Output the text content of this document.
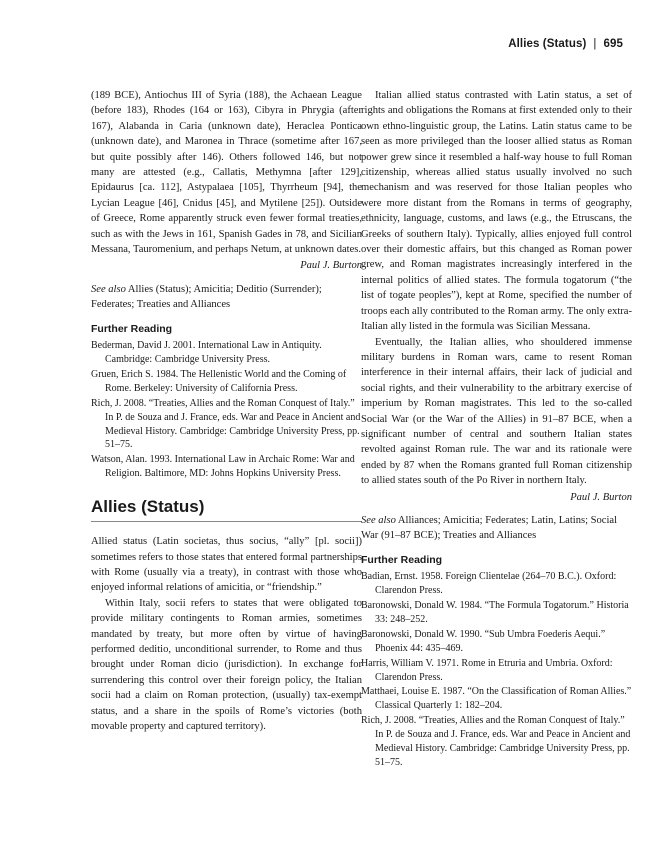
Allies (Status) | 695

(189 BCE), Antiochus III of Syria (188), the Achaean League (before 183), Rhodes (164 or 163), Cibyra in Phrygia (after 167), Alabanda in Caria (unknown date), Heraclea Pontica (unknown date), and Maronea in Thrace (sometime after 167, but quite possibly after 146). Others followed 146, but not many are attested (e.g., Callatis, Methymna [after 129], Epidaurus [ca. 112], Astypalaea [105], Thyrrheum [94], the Lycian League [46], Cnidus [45], and Mytilene [25]). Outside of Greece, Rome apparently struck even fewer formal treaties, such as with the Jews in 161, Spanish Gades in 78, and Sicilian Messana, Tauromenium, and perhaps Netum, at unknown dates.

Paul J. Burton

See also Allies (Status); Amicitia; Deditio (Surrender); Federates; Treaties and Alliances

Further Reading
Bederman, David J. 2001. International Law in Antiquity. Cambridge: Cambridge University Press.
Gruen, Erich S. 1984. The Hellenistic World and the Coming of Rome. Berkeley: University of California Press.
Rich, J. 2008. “Treaties, Allies and the Roman Conquest of Italy.” In P. de Souza and J. France, eds. War and Peace in Ancient and Medieval History. Cambridge: Cambridge University Press, pp. 51–75.
Watson, Alan. 1993. International Law in Archaic Rome: War and Religion. Baltimore, MD: Johns Hopkins University Press.
Allies (Status)

Allied status (Latin societas, thus socius, “ally” [pl. socii]) sometimes refers to those states that entered formal partnerships with Rome (usually via a treaty), in contrast with those who enjoyed informal relations of amicitia, or “friendship.”

Within Italy, socii refers to states that were obligated to provide military contingents to Roman armies, sometimes mandated by treaty, but more often by virtue of having performed deditio, unconditional surrender, to Rome and thus brought under Roman dicio (jurisdiction). In exchange for surrendering this control over their foreign policy, the Italian socii had a claim on Roman protection, (usually) tax-exempt status, and a share in the spoils of Rome’s victories (both movable property and captured territory).

Italian allied status contrasted with Latin status, a set of rights and obligations the Romans at first extended only to their own ethno-linguistic group, the Latins. Latin status came to be seen as more privileged than the looser allied status as Roman power grew since it resembled a half-way house to full Roman citizenship, whereas allied status usually involved no such mechanism and was reserved for those Italian peoples who were more distant from the Romans in terms of geography, ethnicity, language, customs, and laws (e.g., the Etruscans, the Greeks of southern Italy). Typically, allies enjoyed full control over their domestic affairs, but this changed as Roman power grew, and Roman magistrates increasingly interfered in the internal politics of allied states. The formula togatorum (“the list of togate peoples”), kept at Rome, specified the number of troops each ally contributed to the Roman army. The only extra-Italian ally listed in the formula was Sicilian Messana.

Eventually, the Italian allies, who shouldered immense military burdens in Roman wars, came to resent Roman interference in their internal affairs, their lack of judicial and social rights, and their vulnerability to the arbitrary exercise of imperium by Roman magistrates. This led to the so-called Social War (or the War of the Allies) in 91–87 BCE, when a significant number of central and southern Italian states revolted against Roman rule. The war and its rationale were ended by 87 when the Romans granted full Roman citizenship to allied states south of the Po River in northern Italy.

Paul J. Burton

See also Alliances; Amicitia; Federates; Latin, Latins; Social War (91–87 BCE); Treaties and Alliances

Further Reading
Badian, Ernst. 1958. Foreign Clientelae (264–70 B.C.). Oxford: Clarendon Press.
Baronowski, Donald W. 1984. “The Formula Togatorum.” Historia 33: 248–252.
Baronowski, Donald W. 1990. “Sub Umbra Foederis Aequi.” Phoenix 44: 435–469.
Harris, William V. 1971. Rome in Etruria and Umbria. Oxford: Clarendon Press.
Matthaei, Louise E. 1987. “On the Classification of Roman Allies.” Classical Quarterly 1: 182–204.
Rich, J. 2008. “Treaties, Allies and the Roman Conquest of Italy.” In P. de Souza and J. France, eds. War and Peace in Ancient and Medieval History. Cambridge: Cambridge University Press, pp. 51–75.
